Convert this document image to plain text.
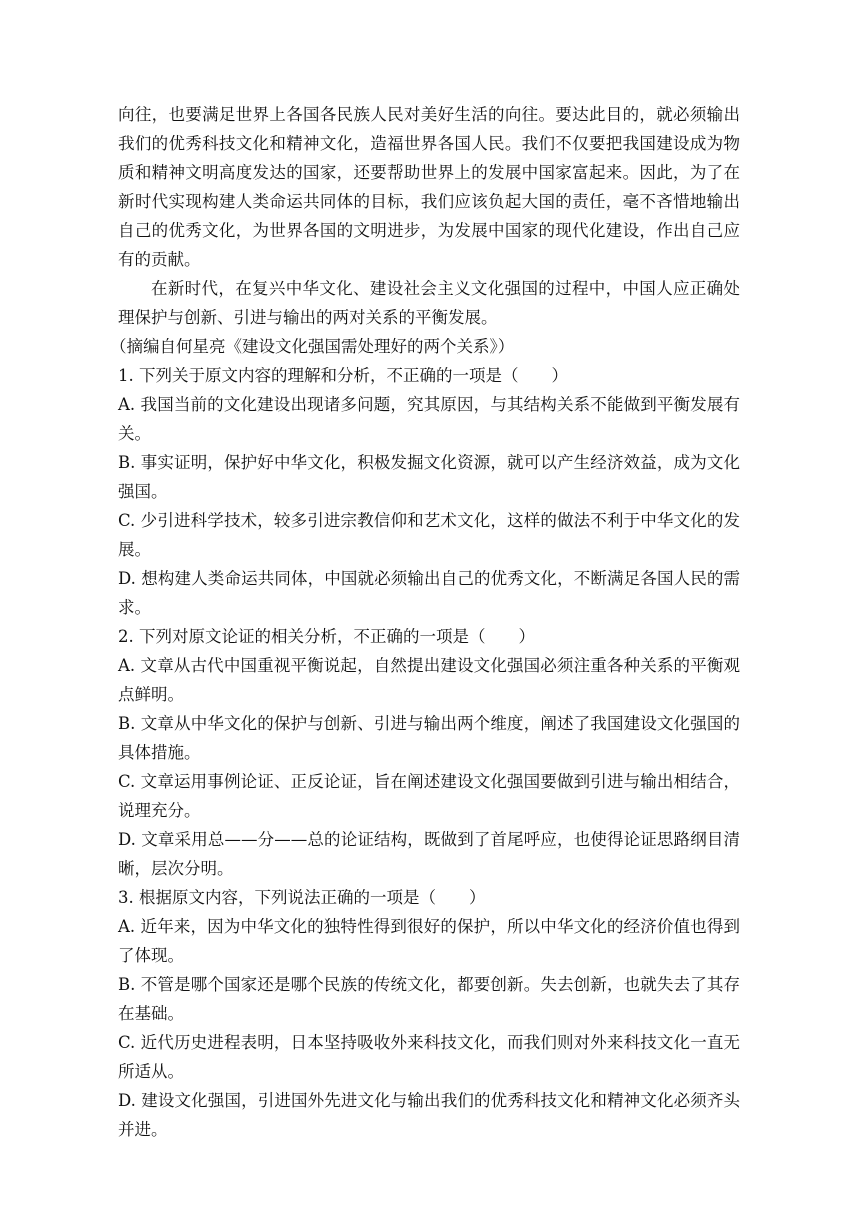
向往，也要满足世界上各国各民族人民对美好生活的向往。要达此目的，就必须输出我们的优秀科技文化和精神文化，造福世界各国人民。我们不仅要把我国建设成为物质和精神文明高度发达的国家，还要帮助世界上的发展中国家富起来。因此，为了在新时代实现构建人类命运共同体的目标，我们应该负起大国的责任，毫不吝惜地输出自己的优秀文化，为世界各国的文明进步，为发展中国家的现代化建设，作出自己应有的贡献。

在新时代，在复兴中华文化、建设社会主义文化强国的过程中，中国人应正确处理保护与创新、引进与输出的两对关系的平衡发展。

（摘编自何星亮《建设文化强国需处理好的两个关系》）

1. 下列关于原文内容的理解和分析，不正确的一项是（　　）

A. 我国当前的文化建设出现诸多问题，究其原因，与其结构关系不能做到平衡发展有关。

B. 事实证明，保护好中华文化，积极发掘文化资源，就可以产生经济效益，成为文化强国。

C. 少引进科学技术，较多引进宗教信仰和艺术文化，这样的做法不利于中华文化的发展。

D. 想构建人类命运共同体，中国就必须输出自己的优秀文化，不断满足各国人民的需求。

2. 下列对原文论证的相关分析，不正确的一项是（　　）

A. 文章从古代中国重视平衡说起，自然提出建设文化强国必须注重各种关系的平衡观点鲜明。

B. 文章从中华文化的保护与创新、引进与输出两个维度，阐述了我国建设文化强国的具体措施。

C. 文章运用事例论证、正反论证，旨在阐述建设文化强国要做到引进与输出相结合，说理充分。

D. 文章采用总——分——总的论证结构，既做到了首尾呼应，也使得论证思路纲目清晰，层次分明。

3. 根据原文内容，下列说法正确的一项是（　　）

A. 近年来，因为中华文化的独特性得到很好的保护，所以中华文化的经济价值也得到了体现。

B. 不管是哪个国家还是哪个民族的传统文化，都要创新。失去创新，也就失去了其存在基础。

C. 近代历史进程表明，日本坚持吸收外来科技文化，而我们则对外来科技文化一直无所适从。

D. 建设文化强国，引进国外先进文化与输出我们的优秀科技文化和精神文化必须齐头并进。
